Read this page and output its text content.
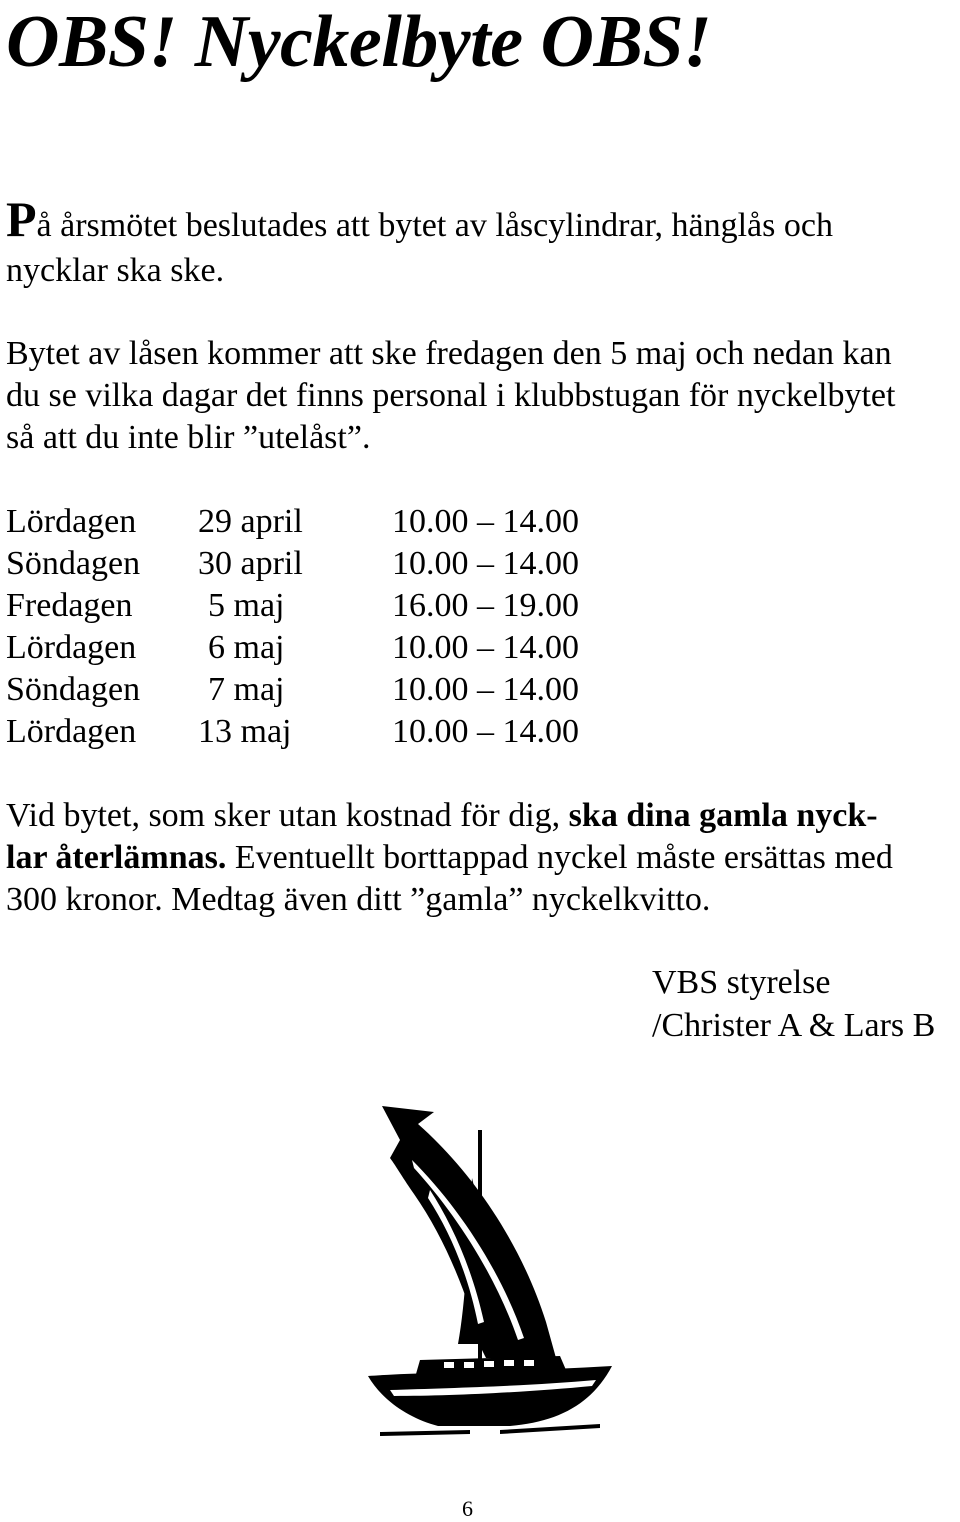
OBS! Nyckelbyte OBS!
På årsmötet beslutades att bytet av låscylindrar, hänglås och
nycklar ska ske.
Bytet av låsen kommer att ske fredagen den 5 maj och nedan kan
du se vilka dagar det finns personal i klubbstugan för nyckelbytet
så att du inte blir ”utelåst”.
Lördagen 29 april	10.00 – 14.00
Söndagen 30 april	10.00 – 14.00
Fredagen 5 maj	16.00 – 19.00
Lördagen 6 maj	10.00 – 14.00
Söndagen 7 maj	10.00 – 14.00
Lördagen 13 maj	10.00 – 14.00
Vid bytet, som sker utan kostnad för dig, ska dina gamla nyck-
lar återlämnas. Eventuellt borttappad nyckel måste ersättas med
300 kronor. Medtag även ditt ”gamla” nyckelkvitto.
VBS styrelse
/Christer A & Lars B
6
